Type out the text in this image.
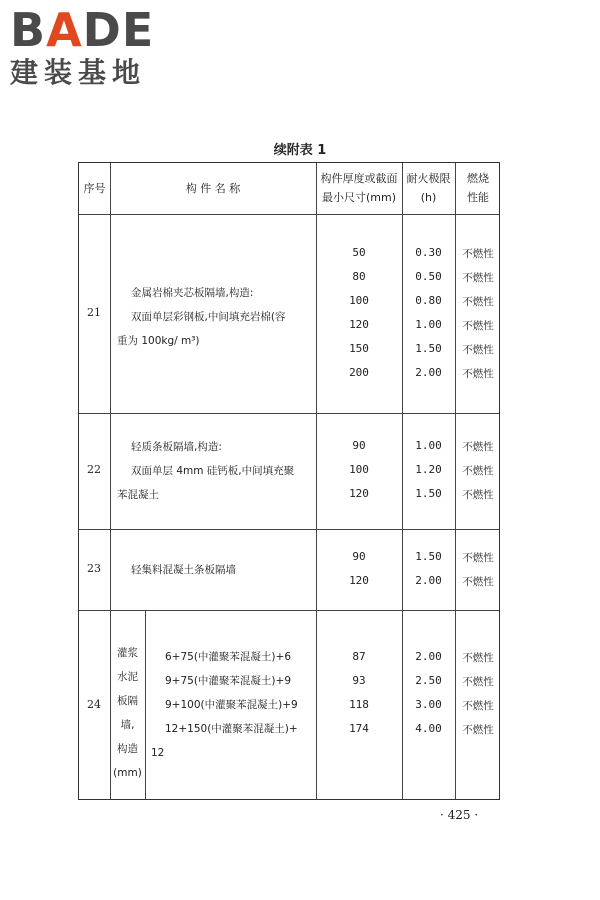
BADE
建装基地
续附表 1
序号	构 件 名 称
构件厚度或截面
最小尺寸(mm)
耐火极限
(h)
燃烧
性能
21
金属岩棉夹芯板隔墙,构造:
双面单层彩钢板,中间填充岩棉(容
重为 100kg/ m³)
50
80
100
120
150
200
0.30
0.50
0.80
1.00
1.50
2.00
不燃性
不燃性
不燃性
不燃性
不燃性
不燃性
22
轻质条板隔墙,构造:
双面单层 4mm 硅钙板,中间填充聚
苯混凝土
90
100
120
1.00
1.20
1.50
不燃性
不燃性
不燃性
23	轻集料混凝土条板隔墙
90
120
1.50
2.00
不燃性
不燃性
24
灌浆
水泥
板隔
墙,
构造
(mm)
6+75(中灌聚苯混凝土)+6
9+75(中灌聚苯混凝土)+9
9+100(中灌聚苯混凝土)+9
12+150(中灌聚苯混凝土)+
12
87
93
118
174
2.00
2.50
3.00
4.00
不燃性
不燃性
不燃性
不燃性
· 425 ·
